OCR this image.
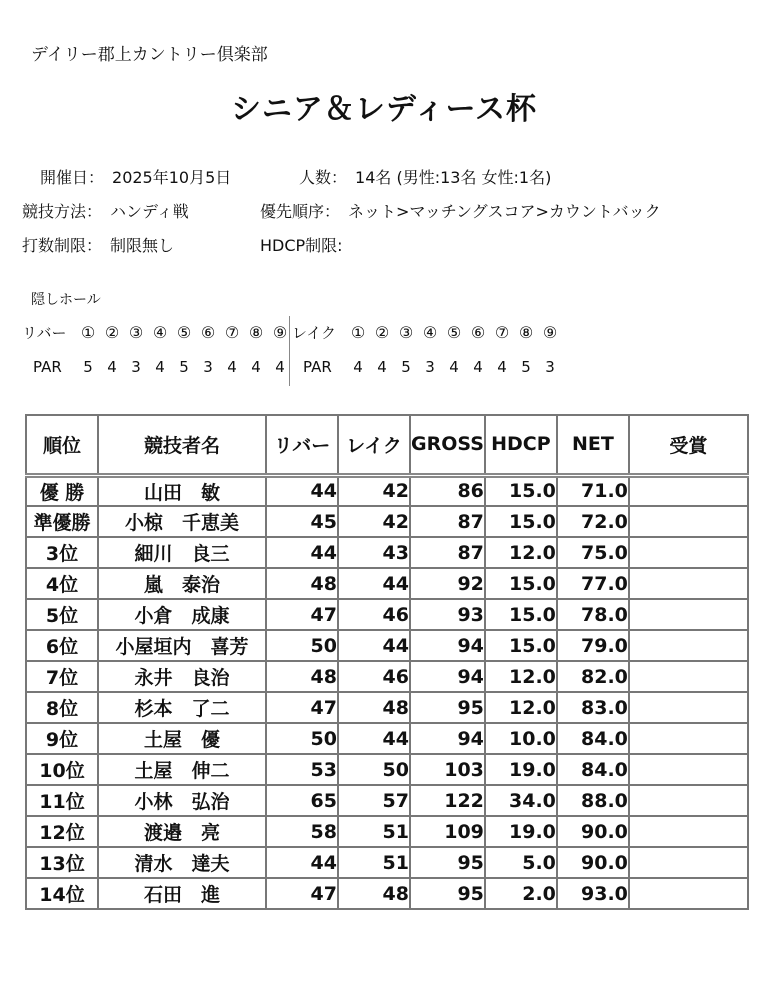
デイリー郡上カントリー倶楽部
シニア＆レディース杯
開催日： 2025年10月5日	人数： 14名 (男性:13名 女性:1名)
競技方法： ハンディ戦	優先順序： ネット>マッチングスコア>カウントバック
打数制限： 制限無し	HDCP制限:
隠しホール
リバー ① ② ③ ④ ⑤ ⑥ ⑦ ⑧ ⑨ レイク ① ② ③ ④ ⑤ ⑥ ⑦ ⑧ ⑨
PAR	5 4 3 4 5 3 4 4 4	PAR	4 4 5 3 4 4 4 5 3
順位	競技者名	リバー	レイク	GROSS	HDCP	NET	受賞
優 勝	山田　敏	44	42	86	15.0	71.0	
準優勝	小椋　千恵美	45	42	87	15.0	72.0	
3位	細川　良三	44	43	87	12.0	75.0	
4位	嵐　泰治	48	44	92	15.0	77.0	
5位	小倉　成康	47	46	93	15.0	78.0	
6位	小屋垣内　喜芳	50	44	94	15.0	79.0	
7位	永井　良治	48	46	94	12.0	82.0	
8位	杉本　了二	47	48	95	12.0	83.0	
9位	土屋　優	50	44	94	10.0	84.0	
10位	土屋　伸二	53	50	103	19.0	84.0	
11位	小林　弘治	65	57	122	34.0	88.0	
12位	渡邉　亮	58	51	109	19.0	90.0	
13位	清水　達夫	44	51	95	5.0	90.0	
14位	石田　進	47	48	95	2.0	93.0	
